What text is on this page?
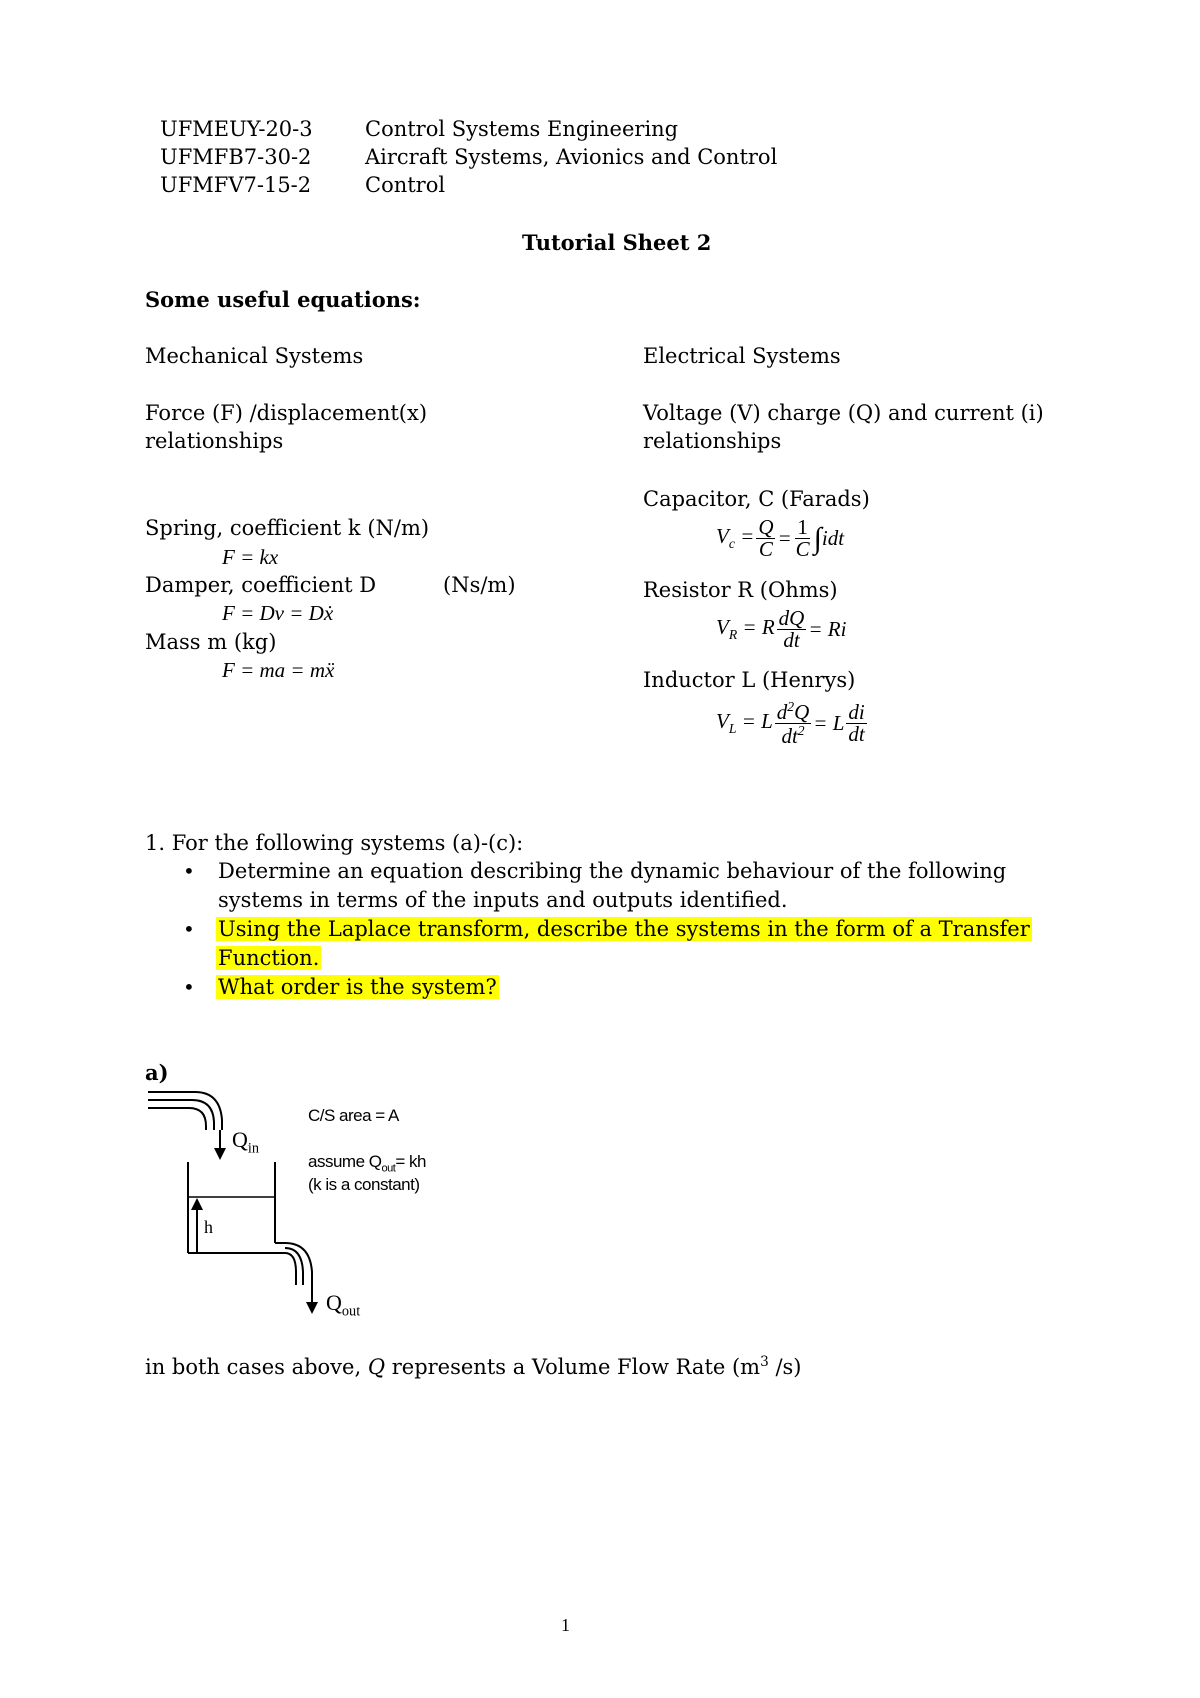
UFMEUY-20-3 Control Systems Engineering
UFMFB7-30-2	Aircraft Systems, Avionics and Control
UFMFV7-15-2	Control
Tutorial Sheet 2
Some useful equations:
Mechanical Systems
Force (F) /displacement(x)
relationships
Spring, coefficient k (N/m)
F = kx
Damper, coefficient D	(Ns/m)
F = Dv = Dẋ
Mass m (kg)
F = ma = mẍ
Electrical Systems
Voltage (V) charge (Q) and current (i)
relationships
Capacitor, C (Farads)
$V_c = \frac{Q}{C} = \frac{1}{C}$ ∫ idt
Resistor R (Ohms)
$V_R = R \frac{dQ}{dt} = Ri$
Inductor L (Henrys)
$V_L = L \frac{d^2Q}{dt^2} = L \frac{di}{dt}$
1. For the following systems (a)-(c):
• Determine an equation describing the dynamic behaviour of the following
systems in terms of the inputs and outputs identified.
• Using the Laplace transform, describe the systems in the form of a Transfer
Function.
• What order is the system?
a)
$Q_{in}$
C/S area = A
assume $Q_{out}=$ kh
(k is a constant)
h
$Q_{out}$
in both cases above, Q represents a Volume Flow Rate ($m^3$ /s)
1
